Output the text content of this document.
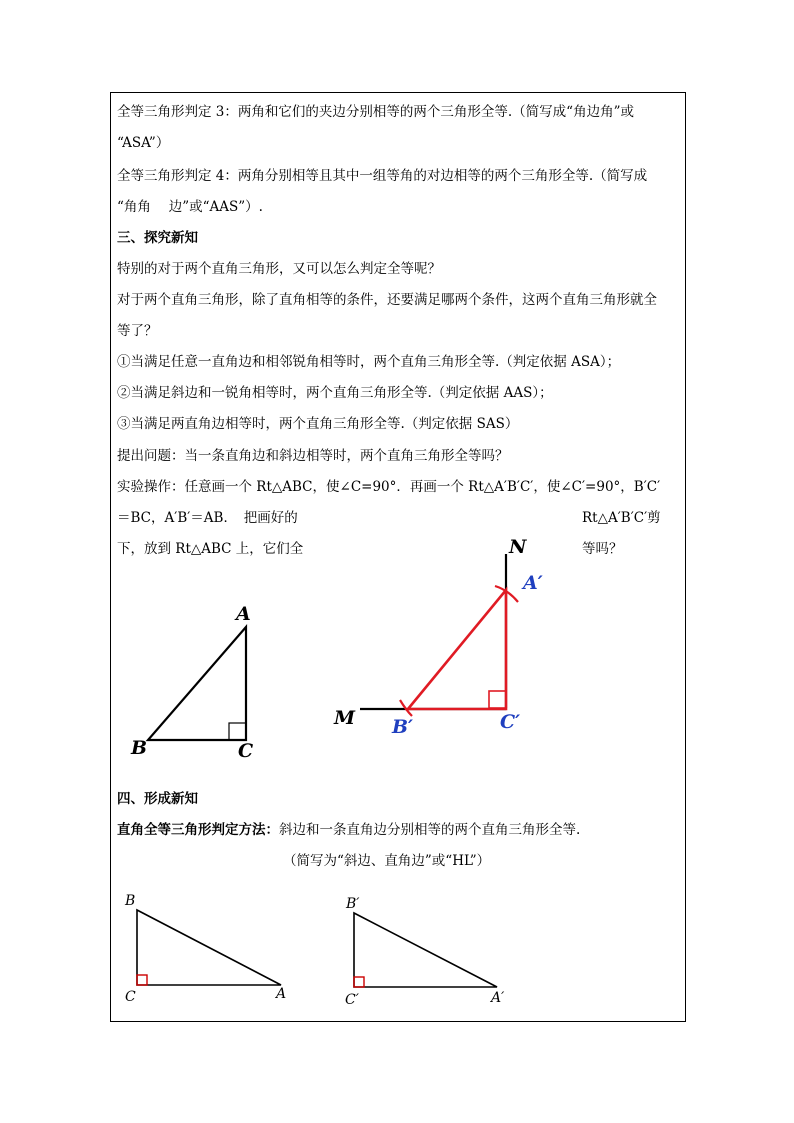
全等三角形判定 3：两角和它们的夹边分别相等的两个三角形全等.（简写成“角边角”或
“ASA”）
全等三角形判定 4：两角分别相等且其中一组等角的对边相等的两个三角形全等.（简写成
“角角　 边”或“AAS”）.
三、探究新知
特别的对于两个直角三角形，又可以怎么判定全等呢？
对于两个直角三角形，除了直角相等的条件，还要满足哪两个条件，这两个直角三角形就全
等了？
①当满足任意一直角边和相邻锐角相等时，两个直角三角形全等.（判定依据 ASA）；
②当满足斜边和一锐角相等时，两个直角三角形全等.（判定依据 AAS）；
③当满足两直角边相等时，两个直角三角形全等.（判定依据 SAS）
提出问题：当一条直角边和斜边相等时，两个直角三角形全等吗？
实验操作：任意画一个 Rt△ABC，使∠C=90°．再画一个 Rt△A′B′C′，使∠C′=90°，B′C′
＝BC，A′B′＝AB．　把画好的	Rt△A′B′C′剪
下，放到 Rt△ABC 上，它们全	等吗？
A
B	C
N
M
A′
B′	C′
B
C	A
B′
C′	A′
四、形成新知
直角全等三角形判定方法：斜边和一条直角边分别相等的两个直角三角形全等.
（简写为“斜边、直角边”或“HL”）
